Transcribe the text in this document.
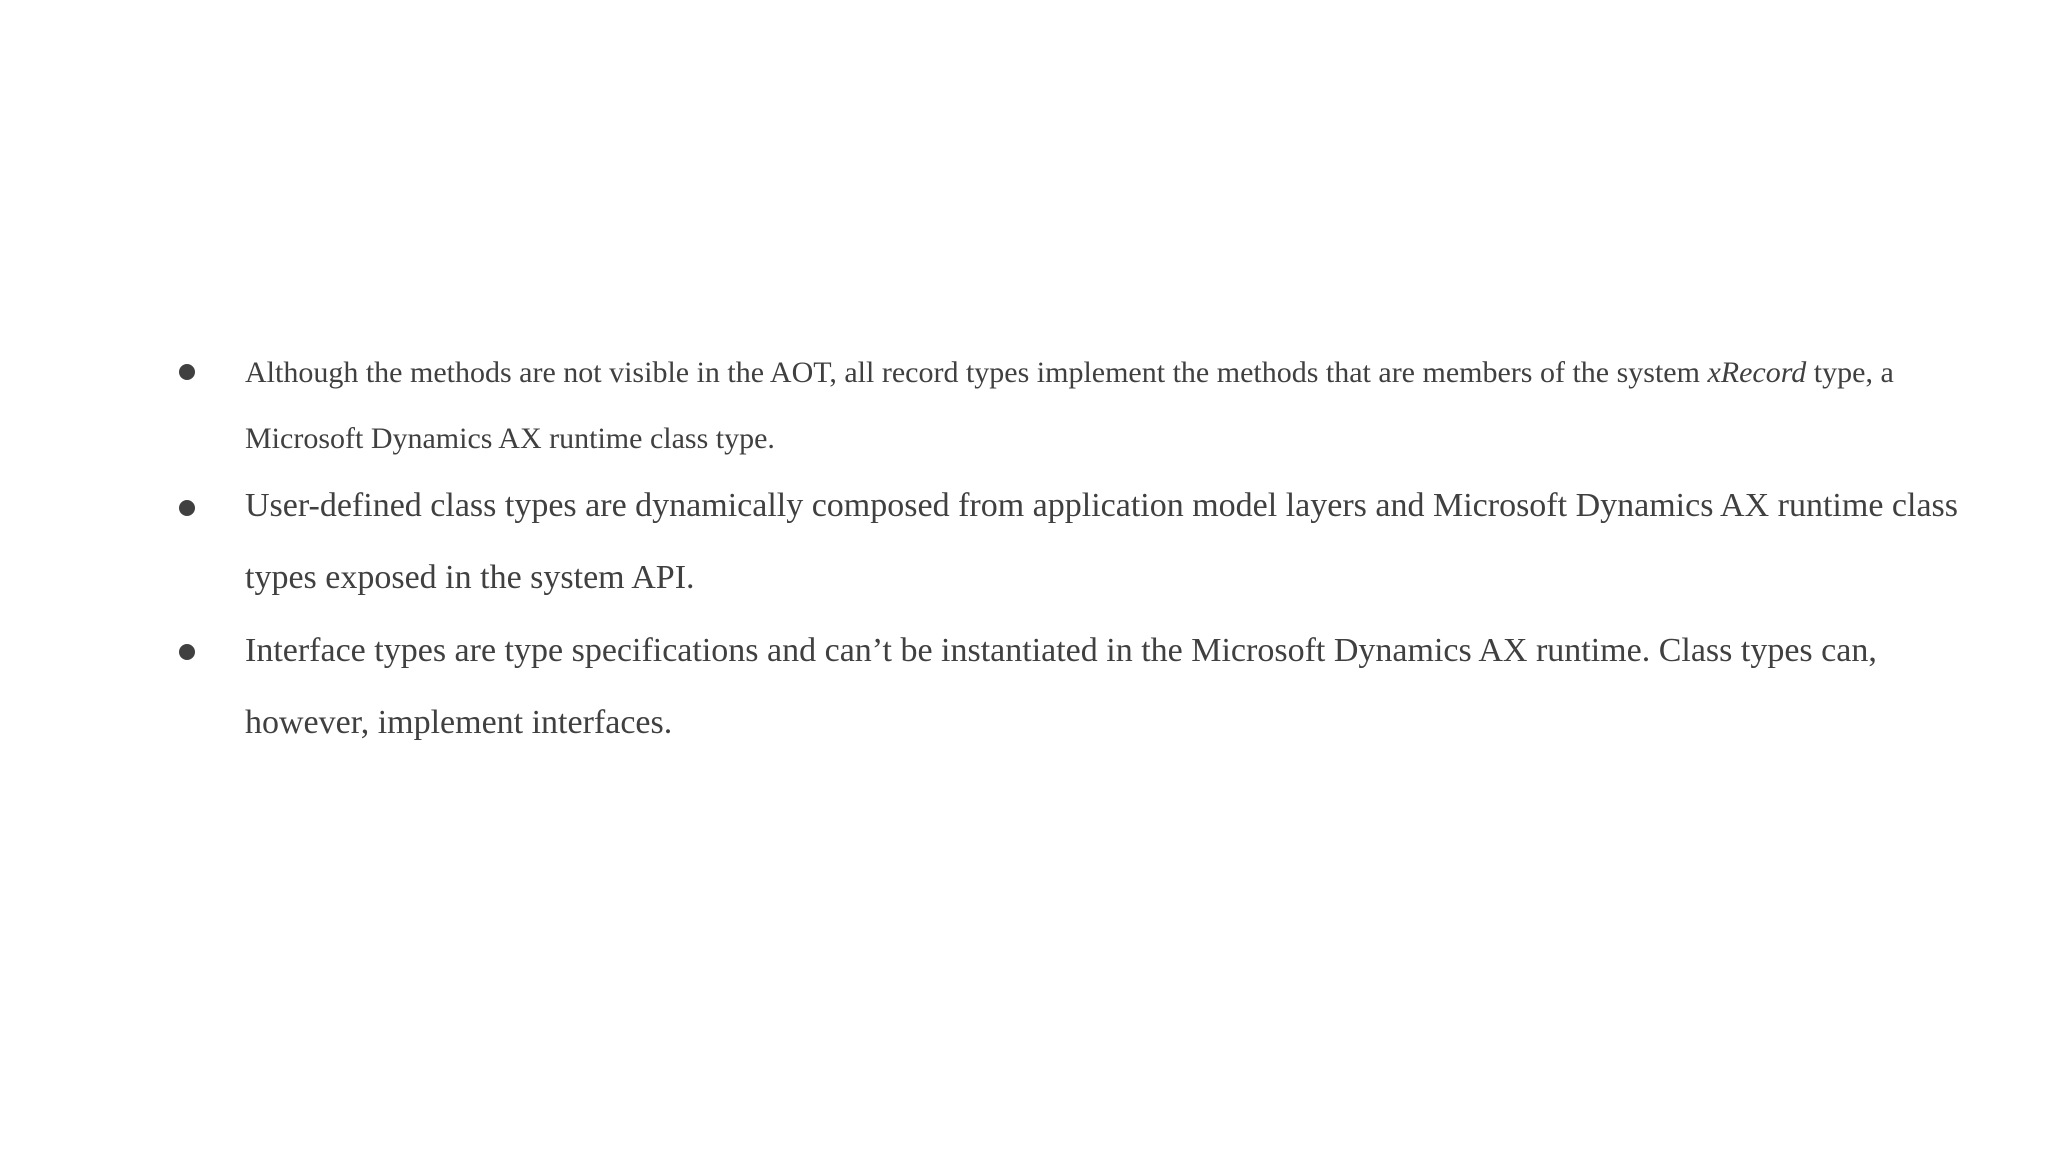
Although the methods are not visible in the AOT, all record types implement the methods that are members of the system xRecord type, a Microsoft Dynamics AX runtime class type.

User-defined class types are dynamically composed from application model layers and Microsoft Dynamics AX runtime class types exposed in the system API.

Interface types are type specifications and can’t be instantiated in the Microsoft Dynamics AX runtime. Class types can, however, implement interfaces.
